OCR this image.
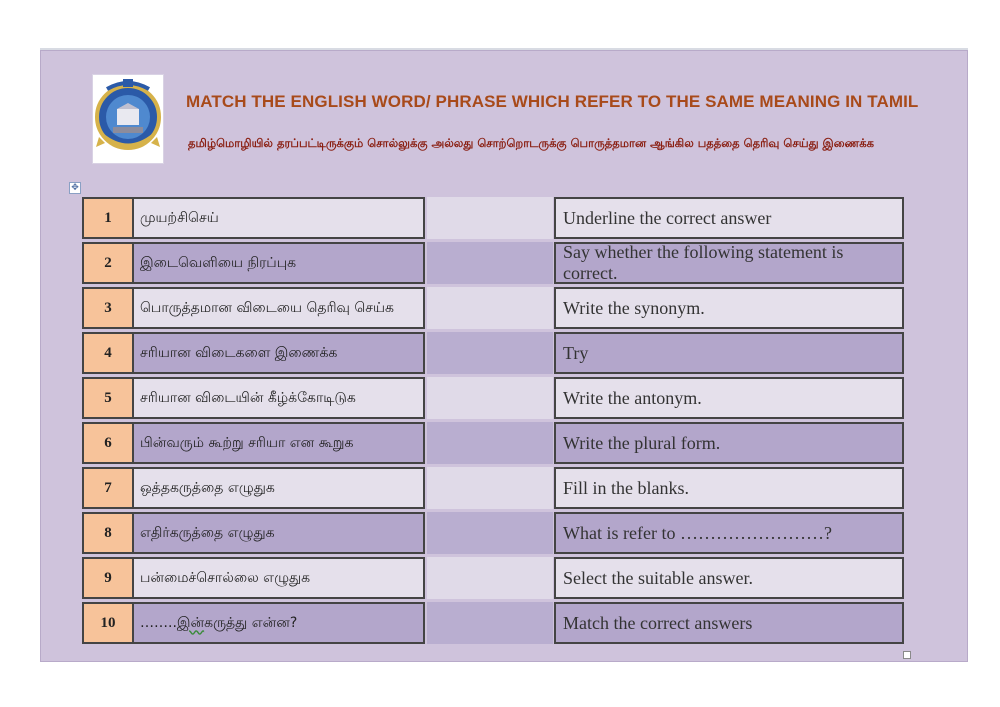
MATCH THE ENGLISH WORD/ PHRASE WHICH REFER TO THE SAME MEANING IN TAMIL
தமிழ்மொழியில் தரப்பட்டிருக்கும் சொல்லுக்கு அல்லது சொற்றொடருக்கு பொருத்தமான ஆங்கில பதத்தை தெரிவு செய்து இணைக்க
✥
1	முயற்சிசெய்	Underline the correct answer
2	இடைவெளியை நிரப்புக
Say whether the following statement is correct.
3	பொருத்தமான விடையை தெரிவு செய்க	Write the synonym.
4	சரியான விடைகளை இணைக்க	Try
5	சரியான விடையின் கீழ்க்கோடிடுக	Write the antonym.
6	பின்வரும் கூற்று சரியா என கூறுக	Write the plural form.
7	ஒத்தகருத்தை எழுதுக	Fill in the blanks.
8	எதிர்கருத்தை எழுதுக	What is refer to ……………………?
9	பன்மைச்சொல்லை எழுதுக	Select the suitable answer.
10	…….. இன் கருத்து என்ன?	Match the correct answers
